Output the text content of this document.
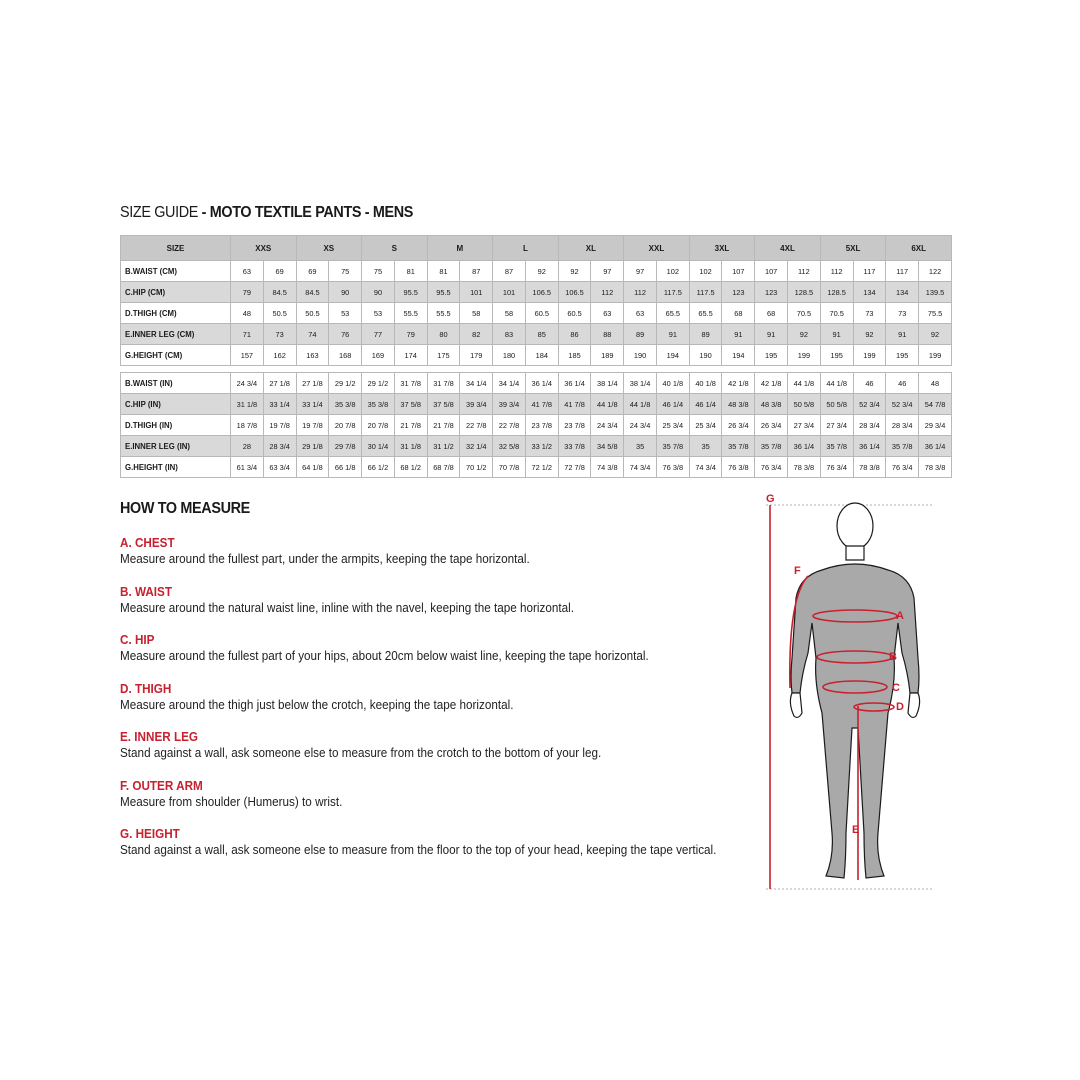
SIZE GUIDE - MOTO TEXTILE PANTS - MENS
SIZE	XXS		XS		S		M		L		XL		XXL		3XL		4XL		5XL		6XL	
B.WAIST (CM)	63	69	69	75	75	81	81	87	87	92	92	97	97	102	102	107	107	112	112	117	117	122
C.HIP (CM)	79	84.5	84.5	90	90	95.5	95.5	101	101	106.5	106.5	112	112	117.5	117.5	123	123	128.5	128.5	134	134	139.5
D.THIGH (CM)	48	50.5	50.5	53	53	55.5	55.5	58	58	60.5	60.5	63	63	65.5	65.5	68	68	70.5	70.5	73	73	75.5
E.INNER LEG (CM)	71	73	74	76	77	79	80	82	83	85	86	88	89	91	89	91	91	92	91	92	91	92
G.HEIGHT (CM)	157	162	163	168	169	174	175	179	180	184	185	189	190	194	190	194	195	199	195	199	195	199

B.WAIST (IN)	24 3/4	27 1/8	27 1/8	29 1/2	29 1/2	31 7/8	31 7/8	34 1/4	34 1/4	36 1/4	36 1/4	38 1/4	38 1/4	40 1/8	40 1/8	42 1/8	42 1/8	44 1/8	44 1/8	46	46	48
C.HIP (IN)	31 1/8	33 1/4	33 1/4	35 3/8	35 3/8	37 5/8	37 5/8	39 3/4	39 3/4	41 7/8	41 7/8	44 1/8	44 1/8	46 1/4	46 1/4	48 3/8	48 3/8	50 5/8	50 5/8	52 3/4	52 3/4	54 7/8
D.THIGH (IN)	18 7/8	19 7/8	19 7/8	20 7/8	20 7/8	21 7/8	21 7/8	22 7/8	22 7/8	23 7/8	23 7/8	24 3/4	24 3/4	25 3/4	25 3/4	26 3/4	26 3/4	27 3/4	27 3/4	28 3/4	28 3/4	29 3/4
E.INNER LEG (IN)	28	28 3/4	29 1/8	29 7/8	30 1/4	31 1/8	31 1/2	32 1/4	32 5/8	33 1/2	33 7/8	34 5/8	35	35 7/8	35	35 7/8	35 7/8	36 1/4	35 7/8	36 1/4	35 7/8	36 1/4
G.HEIGHT (IN)	61 3/4	63 3/4	64 1/8	66 1/8	66 1/2	68 1/2	68 7/8	70 1/2	70 7/8	72 1/2	72 7/8	74 3/8	74 3/4	76 3/8	74 3/4	76 3/8	76 3/4	78 3/8	76 3/4	78 3/8	76 3/4	78 3/8
HOW TO MEASURE
A. CHEST
Measure around the fullest part, under the armpits, keeping the tape horizontal.
B. WAIST
Measure around the natural waist line, inline with the navel, keeping the tape horizontal.
C. HIP
Measure around the fullest part of your hips, about 20cm below waist line, keeping the tape horizontal.
D. THIGH
Measure around the thigh just below the crotch, keeping the tape horizontal.
E. INNER LEG
Stand against a wall, ask someone else to measure from the crotch to the bottom of your leg.
F. OUTER ARM
Measure from shoulder (Humerus) to wrist.
G. HEIGHT
Stand against a wall, ask someone else to measure from the floor to the top of your head, keeping the tape vertical.
G
A
B
C
D
E
F
